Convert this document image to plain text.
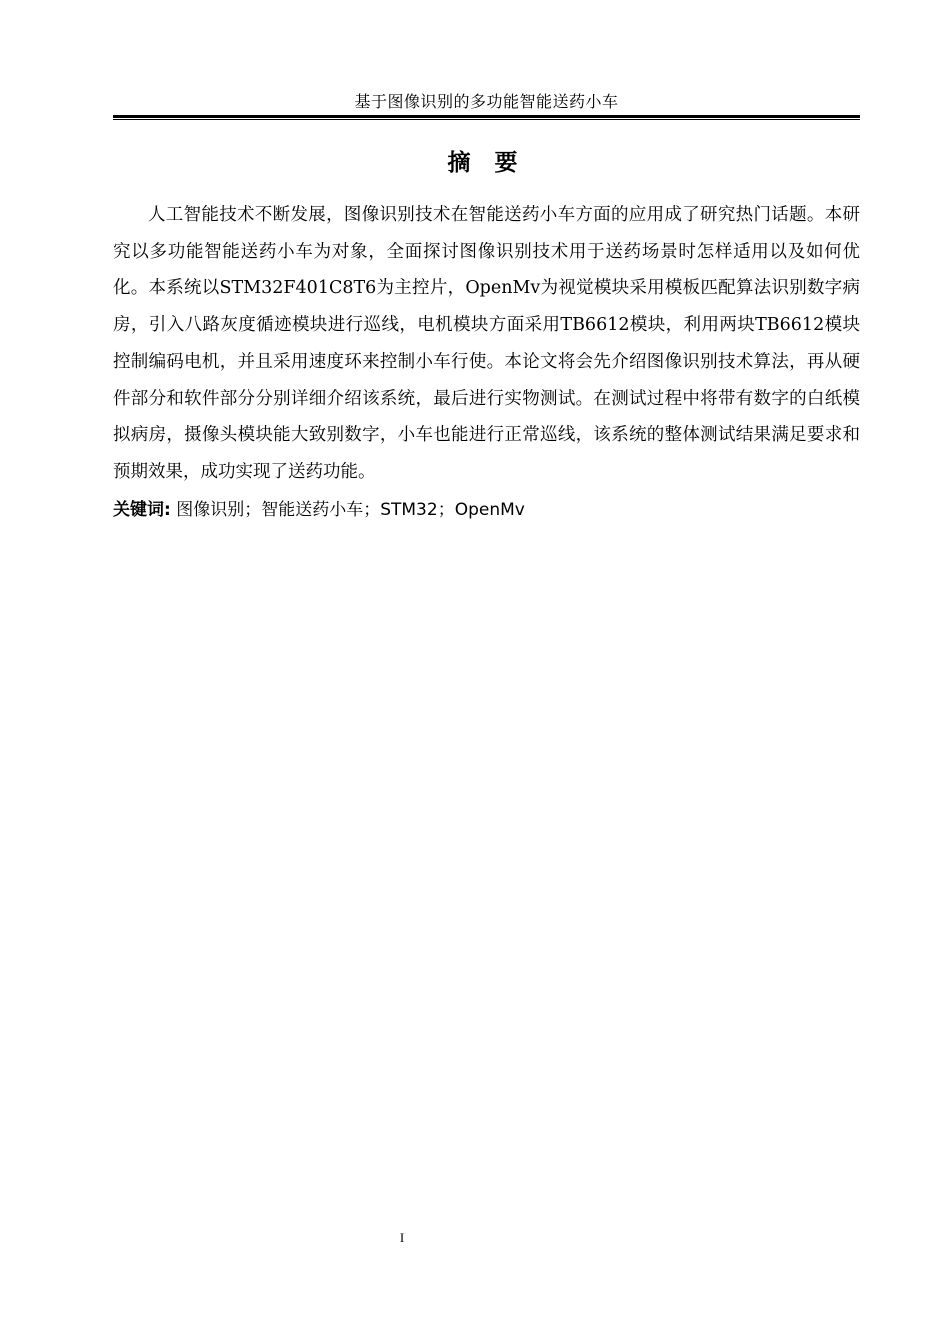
基于图像识别的多功能智能送药小车
摘 要

人工智能技术不断发展，图像识别技术在智能送药小车方面的应用成了研究热门话题。本研究以多功能智能送药小车为对象，全面探讨图像识别技术用于送药场景时怎样适用以及如何优化。本系统以STM32F401C8T6为主控片，OpenMv为视觉模块采用模板匹配算法识别数字病房，引入八路灰度循迹模块进行巡线，电机模块方面采用TB6612模块，利用两块TB6612模块控制编码电机，并且采用速度环来控制小车行使。本论文将会先介绍图像识别技术算法，再从硬件部分和软件部分分别详细介绍该系统，最后进行实物测试。在测试过程中将带有数字的白纸模拟病房，摄像头模块能大致别数字，小车也能进行正常巡线，该系统的整体测试结果满足要求和预期效果，成功实现了送药功能。

关键词: 图像识别；智能送药小车；STM32；OpenMv

I
